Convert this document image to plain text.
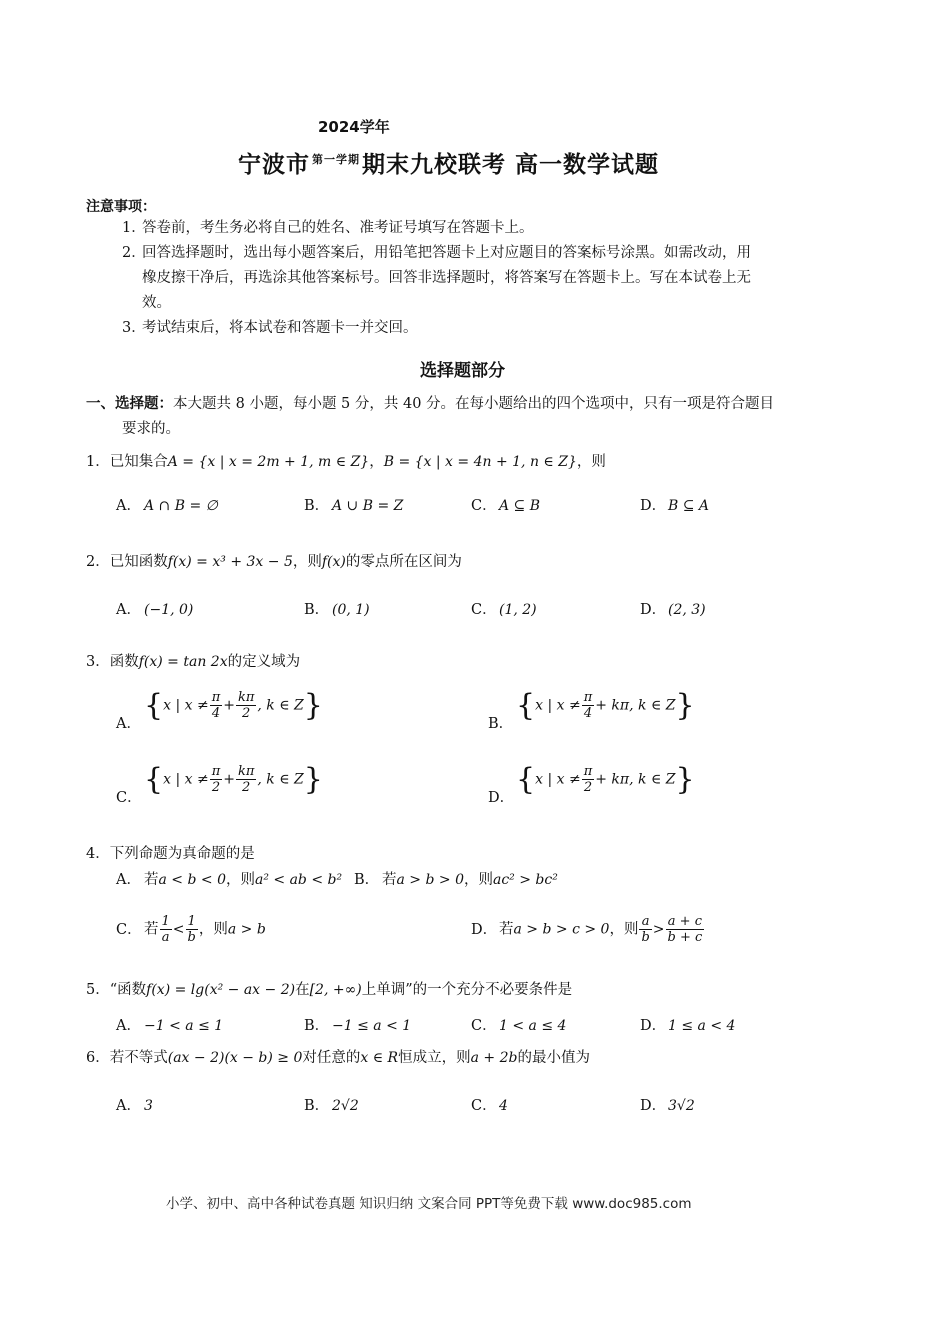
2024学年
宁波市 $^{第一学期}$期末九校联考 高一数学试题
注意事项：
1．答卷前，考生务必将自己的姓名、准考证号填写在答题卡上。
2．回答选择题时，选出每小题答案后，用铅笔把答题卡上对应题目的答案标号涂黑。如需改动，用
橡皮擦干净后，再选涂其他答案标号。回答非选择题时，将答案写在答题卡上。写在本试卷上无
效。
3．考试结束后，将本试卷和答题卡一并交回。
选择题部分
一、选择题：本大题共 8 小题，每小题 5 分，共 40 分。在每小题给出的四个选项中，只有一项是符合题目
要求的。
1．已知集合A = {x | x = 2m + 1, m ∈ Z}，B = {x | x = 4n + 1, n ∈ Z}，则
A． A ∩ B = ∅	B． A ∪ B = Z	C． A ⊆ B	D． B ⊆ A
2．已知函数f(x) = x³ + 3x − 5，则f(x)的零点所在区间为
A． (−1, 0)	B． (0, 1)	C． (1, 2)	D． (2, 3)
3．函数f(x) = tan 2x的定义域为
A．{x | $x \ne \frac{\pi}{4} + \frac{k\pi}{2}$ , k ∈ Z}
B．{x | $x \ne \frac{\pi}{4} + k\pi$, k ∈ Z}
C．{x | $x \ne \frac{\pi}{2} + \frac{k\pi}{2}$ , k ∈ Z}
D．{x | $x \ne \frac{\pi}{2} + k\pi$, k ∈ Z}
4．下列命题为真命题的是
A． 若a < b < 0，则a² < ab < b² B． 若a > b > 0，则ac² > bc²
C． 若 $\frac{1}{a} < \frac{1}{b}$ ，则a > b	D． 若a > b > c > 0，则 $\frac{a}{b} > \frac{a + c}{b + c}$
5．“函数f(x) = lg(x² − ax − 2)在[2, +∞)上单调”的一个充分不必要条件是
A． −1 < a ≤ 1	B． −1 ≤ a < 1	C． 1 < a ≤ 4	D． 1 ≤ a < 4
6．若不等式(ax − 2)(x − b) ≥ 0对任意的x ∈ R恒成立，则a + 2b的最小值为
A． 3	B． 2√2	C． 4	D． 3√2
小学、初中、高中各种试卷真题 知识归纳 文案合同 PPT等免费下载 www.doc985.com
